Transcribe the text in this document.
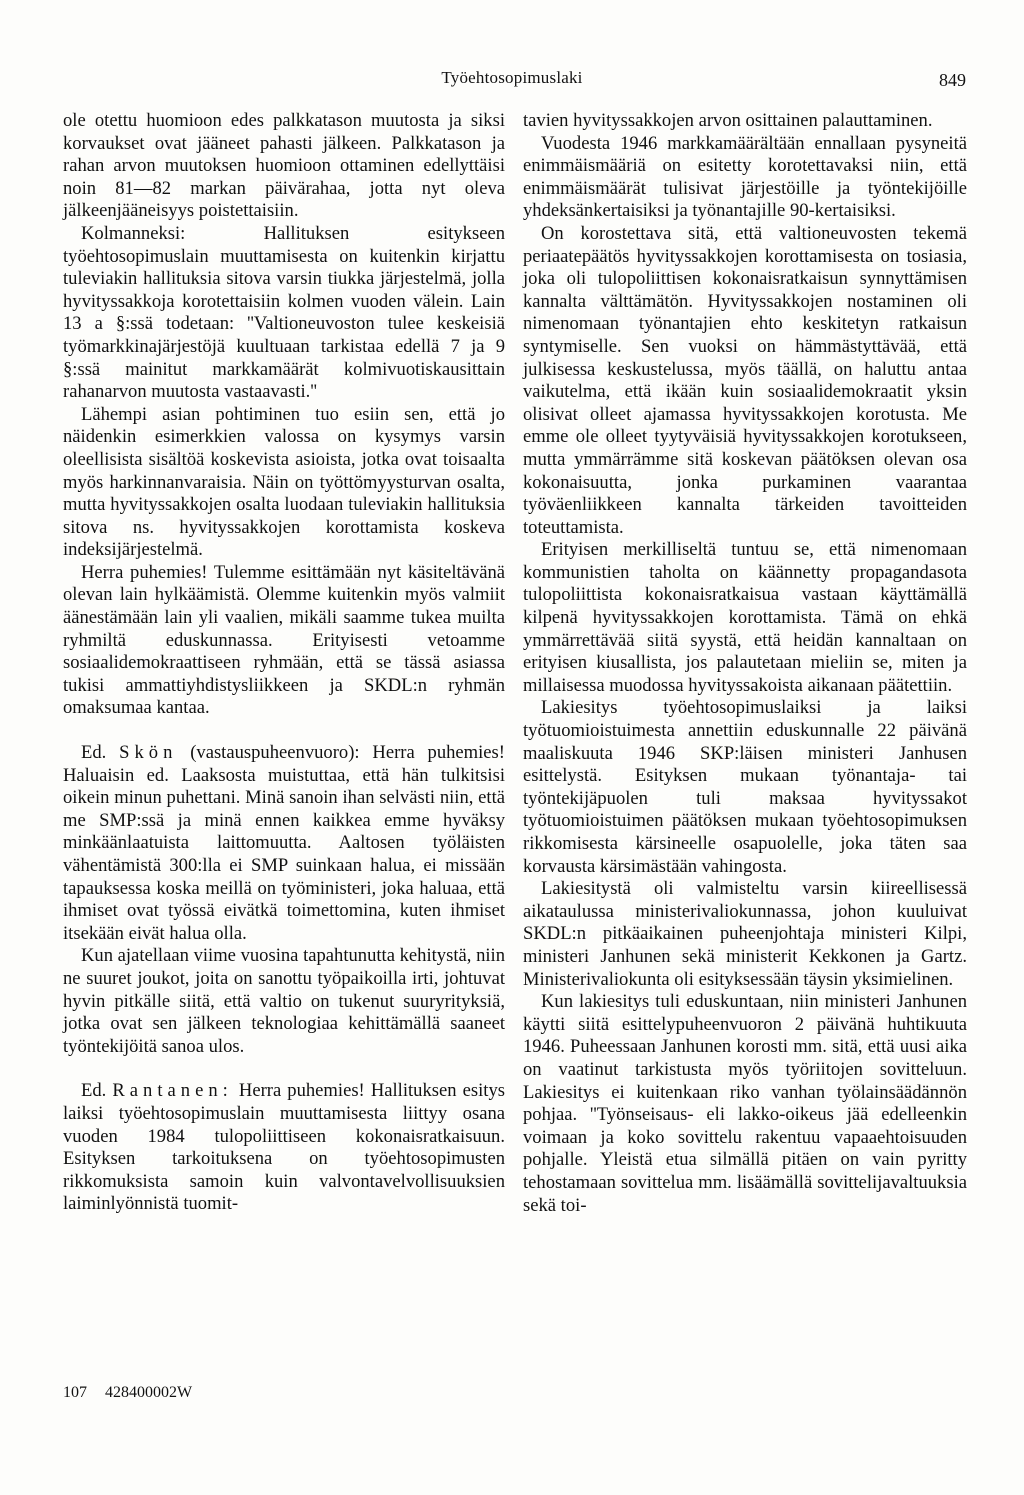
Työehtosopimuslaki	849

ole otettu huomioon edes palkkatason muutosta ja siksi korvaukset ovat jääneet pahasti jälkeen. Palkkatason ja rahan arvon muutoksen huomioon ottaminen edellyttäisi noin 81—82 markan päivärahaa, jotta nyt oleva jälkeenjääneisyys poistettaisiin.

Kolmanneksi: Hallituksen esitykseen työehtosopimuslain muuttamisesta on kuitenkin kirjattu tuleviakin hallituksia sitova varsin tiukka järjestelmä, jolla hyvityssakkoja korotettaisiin kolmen vuoden välein. Lain 13 a §:ssä todetaan: ''Valtioneuvoston tulee keskeisiä työmarkkinajärjestöjä kuultuaan tarkistaa edellä 7 ja 9 §:ssä mainitut markkamäärät kolmivuotiskausittain rahanarvon muutosta vastaavasti.''

Lähempi asian pohtiminen tuo esiin sen, että jo näidenkin esimerkkien valossa on kysymys varsin oleellisista sisältöä koskevista asioista, jotka ovat toisaalta myös harkinnanvaraisia. Näin on työttömyysturvan osalta, mutta hyvityssakkojen osalta luodaan tuleviakin hallituksia sitova ns. hyvityssakkojen korottamista koskeva indeksijärjestelmä.

Herra puhemies! Tulemme esittämään nyt käsiteltävänä olevan lain hylkäämistä. Olemme kuitenkin myös valmiit äänestämään lain yli vaalien, mikäli saamme tukea muilta ryhmiltä eduskunnassa. Erityisesti vetoamme sosiaalidemokraattiseen ryhmään, että se tässä asiassa tukisi ammattiyhdistysliikkeen ja SKDL:n ryhmän omaksumaa kantaa.

Ed. Skön (vastauspuheenvuoro): Herra puhemies! Haluaisin ed. Laaksosta muistuttaa, että hän tulkitsisi oikein minun puhettani. Minä sanoin ihan selvästi niin, että me SMP:ssä ja minä ennen kaikkea emme hyväksy minkäänlaatuista laittomuutta. Aaltosen työläisten vähentämistä 300:lla ei SMP suinkaan halua, ei missään tapauksessa koska meillä on työministeri, joka haluaa, että ihmiset ovat työssä eivätkä toimettomina, kuten ihmiset itsekään eivät halua olla.

Kun ajatellaan viime vuosina tapahtunutta kehitystä, niin ne suuret joukot, joita on sanottu työpaikoilla irti, johtuvat hyvin pitkälle siitä, että valtio on tukenut suuryrityksiä, jotka ovat sen jälkeen teknologiaa kehittämällä saaneet työntekijöitä sanoa ulos.

Ed. Rantanen: Herra puhemies! Hallituksen esitys laiksi työehtosopimuslain muuttamisesta liittyy osana vuoden 1984 tulopoliittiseen kokonaisratkaisuun. Esityksen tarkoituksena on työehtosopimusten rikkomuksista samoin kuin valvontavelvollisuuksien laiminlyönnistä tuomit-

tavien hyvityssakkojen arvon osittainen palauttaminen.

Vuodesta 1946 markkamäärältään ennallaan pysyneitä enimmäismääriä on esitetty korotettavaksi niin, että enimmäismäärät tulisivat järjestöille ja työntekijöille yhdeksänkertaisiksi ja työnantajille 90-kertaisiksi.

On korostettava sitä, että valtioneuvosten tekemä periaatepäätös hyvityssakkojen korottamisesta on tosiasia, joka oli tulopoliittisen kokonaisratkaisun synnyttämisen kannalta välttämätön. Hyvityssakkojen nostaminen oli nimenomaan työnantajien ehto keskitetyn ratkaisun syntymiselle. Sen vuoksi on hämmästyttävää, että julkisessa keskustelussa, myös täällä, on haluttu antaa vaikutelma, että ikään kuin sosiaalidemokraatit yksin olisivat olleet ajamassa hyvityssakkojen korotusta. Me emme ole olleet tyytyväisiä hyvityssakkojen korotukseen, mutta ymmärrämme sitä koskevan päätöksen olevan osa kokonaisuutta, jonka purkaminen vaarantaa työväenliikkeen kannalta tärkeiden tavoitteiden toteuttamista.

Erityisen merkilliseltä tuntuu se, että nimenomaan kommunistien taholta on käännetty propagandasota tulopoliittista kokonaisratkaisua vastaan käyttämällä kilpenä hyvityssakkojen korottamista. Tämä on ehkä ymmärrettävää siitä syystä, että heidän kannaltaan on erityisen kiusallista, jos palautetaan mieliin se, miten ja millaisessa muodossa hyvityssakoista aikanaan päätettiin.

Lakiesitys työehtosopimuslaiksi ja laiksi työtuomioistuimesta annettiin eduskunnalle 22 päivänä maaliskuuta 1946 SKP:läisen ministeri Janhusen esittelystä. Esityksen mukaan työnantaja- tai työntekijäpuolen tuli maksaa hyvityssakot työtuomioistuimen päätöksen mukaan työehtosopimuksen rikkomisesta kärsineelle osapuolelle, joka täten saa korvausta kärsimästään vahingosta.

Lakiesitystä oli valmisteltu varsin kiireellisessä aikataulussa ministerivaliokunnassa, johon kuuluivat SKDL:n pitkäaikainen puheenjohtaja ministeri Kilpi, ministeri Janhunen sekä ministerit Kekkonen ja Gartz. Ministerivaliokunta oli esityksessään täysin yksimielinen.

Kun lakiesitys tuli eduskuntaan, niin ministeri Janhunen käytti siitä esittelypuheenvuoron 2 päivänä huhtikuuta 1946. Puheessaan Janhunen korosti mm. sitä, että uusi aika on vaatinut tarkistusta myös työriitojen sovitteluun. Lakiesitys ei kuitenkaan riko vanhan työlainsäädännön pohjaa. ''Työnseisaus- eli lakko-oikeus jää edelleenkin voimaan ja koko sovittelu rakentuu vapaaehtoisuuden pohjalle. Yleistä etua silmällä pitäen on vain pyritty tehostamaan sovittelua mm. lisäämällä sovittelijavaltuuksia sekä toi-

107 428400002W
